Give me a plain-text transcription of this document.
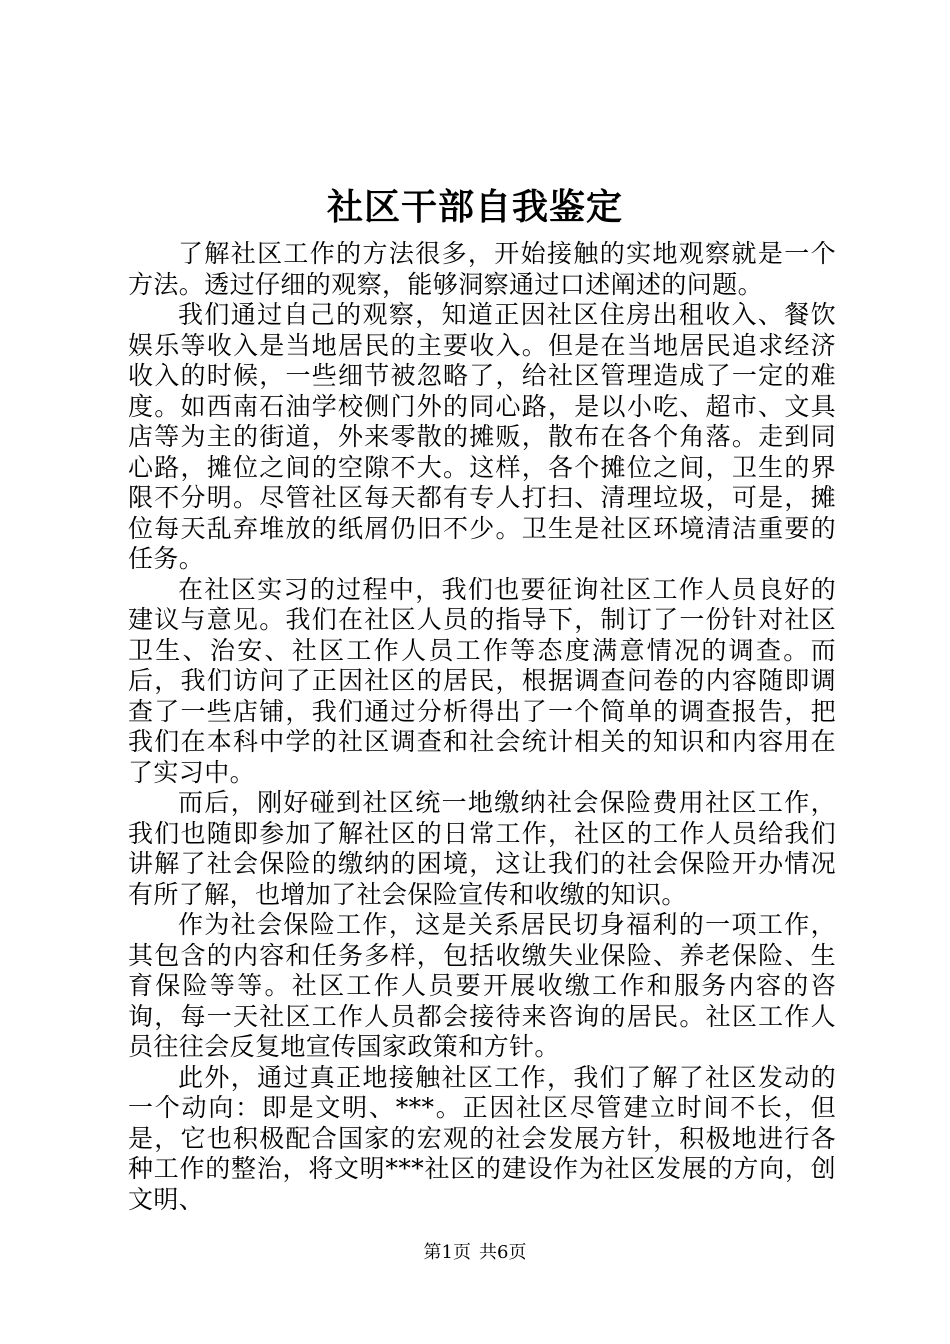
社区干部自我鉴定

了解社区工作的方法很多，开始接触的实地观察就是一个方法。透过仔细的观察，能够洞察通过口述阐述的问题。

我们通过自己的观察，知道正因社区住房出租收入、餐饮娱乐等收入是当地居民的主要收入。但是在当地居民追求经济收入的时候，一些细节被忽略了，给社区管理造成了一定的难度。如西南石油学校侧门外的同心路，是以小吃、超市、文具店等为主的街道，外来零散的摊贩，散布在各个角落。走到同心路，摊位之间的空隙不大。这样，各个摊位之间，卫生的界限不分明。尽管社区每天都有专人打扫、清理垃圾，可是，摊位每天乱弃堆放的纸屑仍旧不少。卫生是社区环境清洁重要的任务。

在社区实习的过程中，我们也要征询社区工作人员良好的建议与意见。我们在社区人员的指导下，制订了一份针对社区卫生、治安、社区工作人员工作等态度满意情况的调查。而后，我们访问了正因社区的居民，根据调查问卷的内容随即调查了一些店铺，我们通过分析得出了一个简单的调查报告，把我们在本科中学的社区调查和社会统计相关的知识和内容用在了实习中。

而后，刚好碰到社区统一地缴纳社会保险费用社区工作，我们也随即参加了解社区的日常工作，社区的工作人员给我们讲解了社会保险的缴纳的困境，这让我们的社会保险开办情况有所了解，也增加了社会保险宣传和收缴的知识。

作为社会保险工作，这是关系居民切身福利的一项工作，其包含的内容和任务多样，包括收缴失业保险、养老保险、生育保险等等。社区工作人员要开展收缴工作和服务内容的咨询，每一天社区工作人员都会接待来咨询的居民。社区工作人员往往会反复地宣传国家政策和方针。

此外，通过真正地接触社区工作，我们了解了社区发动的一个动向：即是文明、***。正因社区尽管建立时间不长，但是，它也积极配合国家的宏观的社会发展方针，积极地进行各种工作的整治，将文明***社区的建设作为社区发展的方向，创文明、

第1页 共6页
